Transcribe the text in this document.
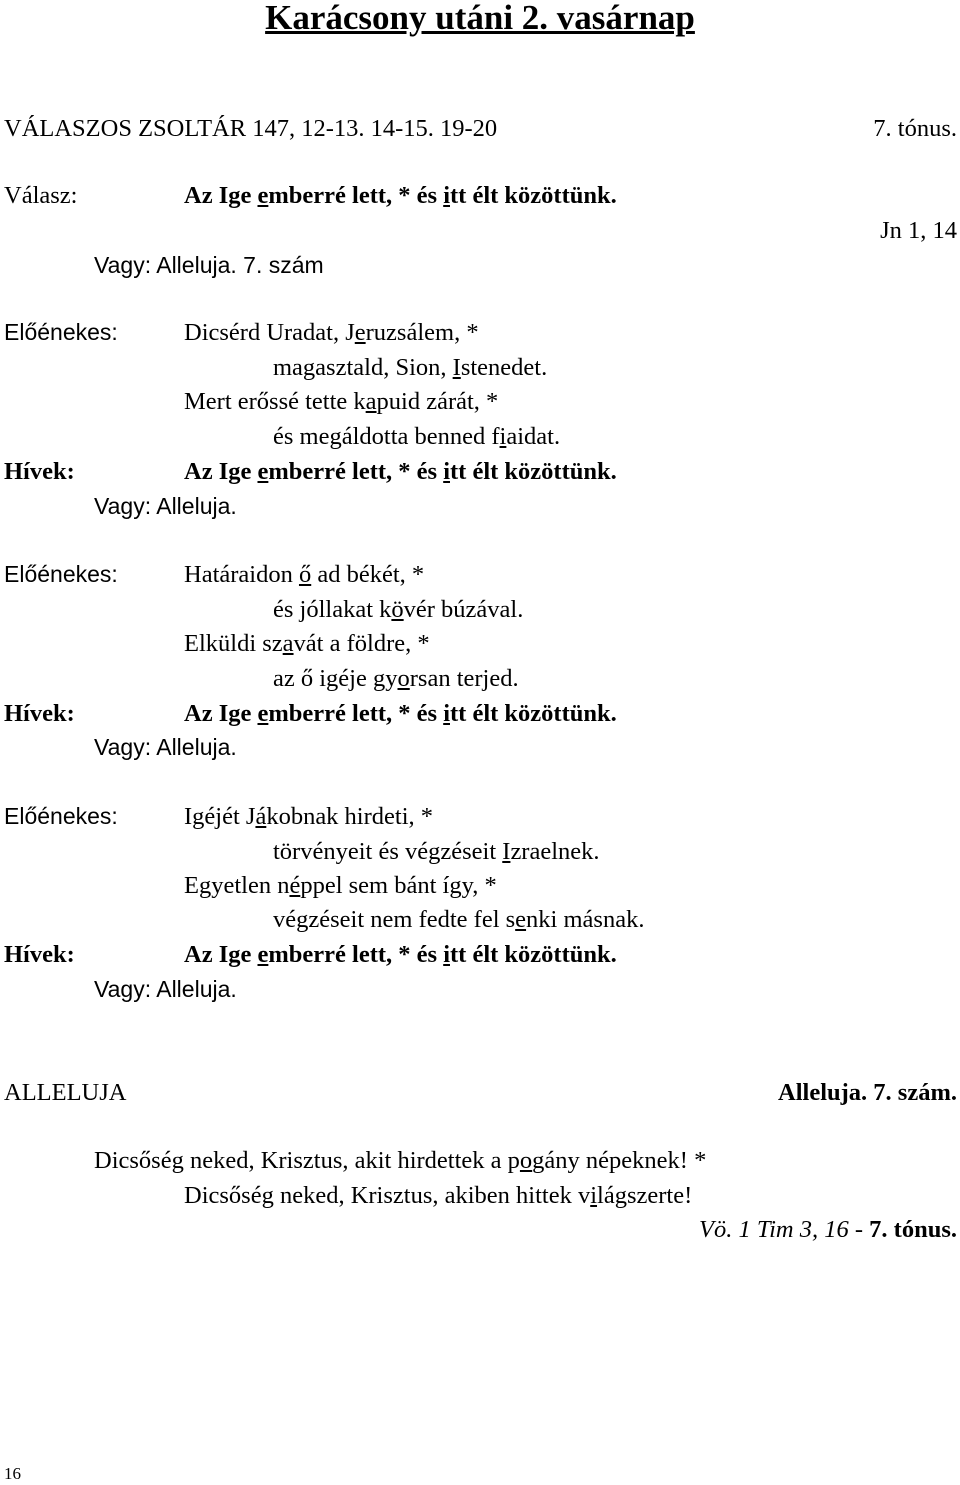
Karácsony utáni 2. vasárnap
VÁLASZOS ZSOLTÁR 147, 12-13. 14-15. 19-20	7. tónus.
Válasz:	Az Ige emberré lett, * és itt élt közöttünk.
Jn 1, 14
Vagy: Alleluja. 7. szám
Előénekes:	Dicsérd Uradat, Jeruzsálem, *
magasztald, Sion, Istenedet.
Mert erőssé tette kapuid zárát, *
és megáldotta benned fiaidat.
Hívek:	Az Ige emberré lett, * és itt élt közöttünk.
Vagy: Alleluja.
Előénekes:	Határaidon ő ad békét, *
és jóllakat kövér búzával.
Elküldi szavát a földre, *
az ő igéje gyorsan terjed.
Hívek:	Az Ige emberré lett, * és itt élt közöttünk.
Vagy: Alleluja.
Előénekes:	Igéjét Jákobnak hirdeti, *
törvényeit és végzéseit Izraelnek.
Egyetlen néppel sem bánt így, *
végzéseit nem fedte fel senki másnak.
Hívek:	Az Ige emberré lett, * és itt élt közöttünk.
Vagy: Alleluja.
ALLELUJA	Alleluja. 7. szám.
Dicsőség neked, Krisztus, akit hirdettek a pogány népeknek! *
Dicsőség neked, Krisztus, akiben hittek világszerte!
Vö. 1 Tim 3, 16 - 7. tónus.
16
